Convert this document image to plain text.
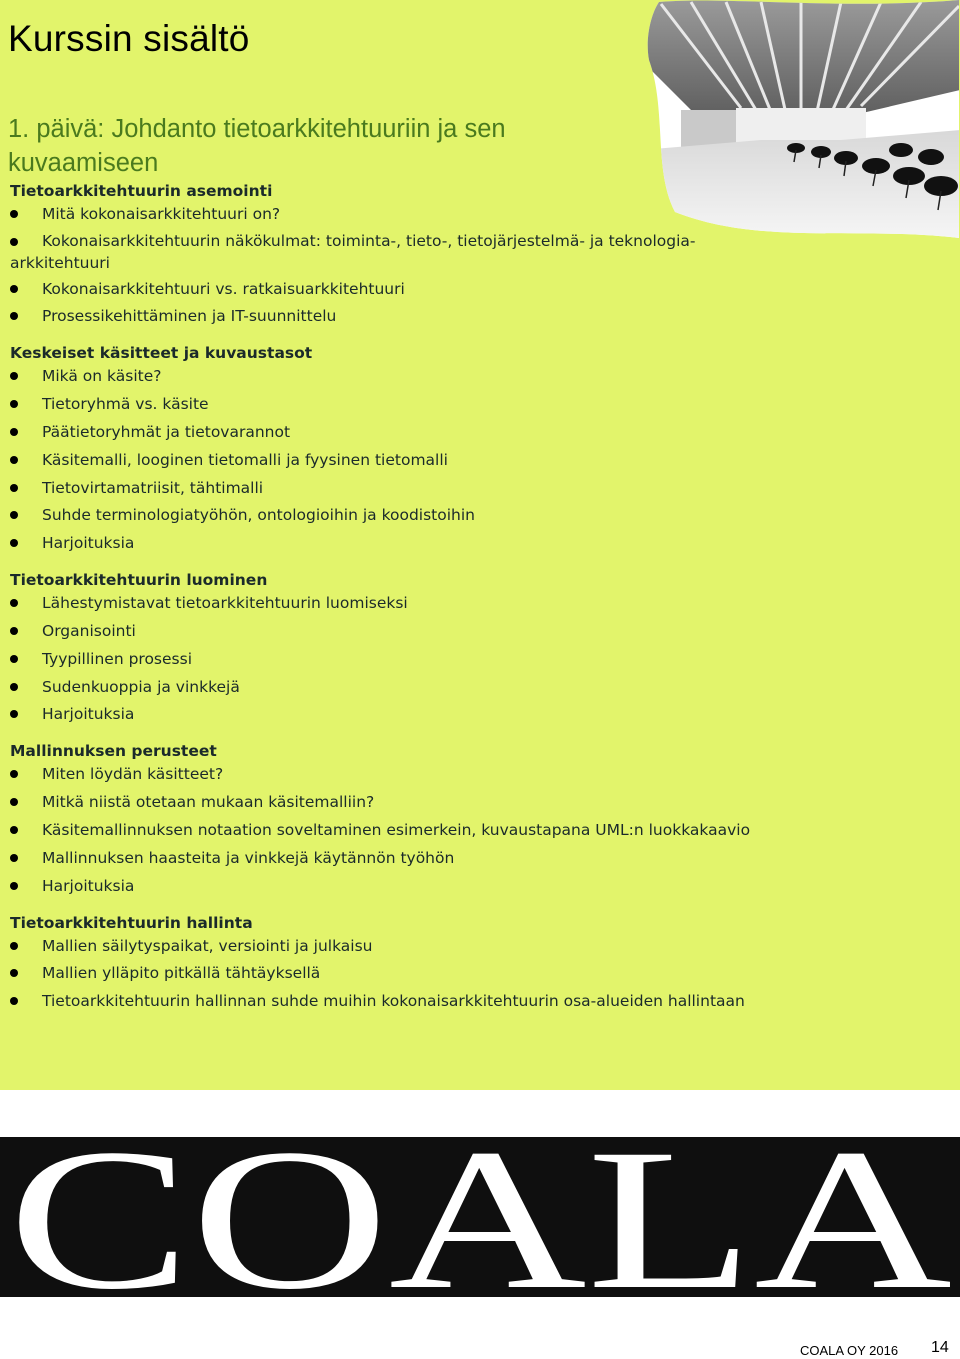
Kurssin sisältö
1. päivä: Johdanto tietoarkkitehtuuriin ja sen kuvaamiseen
Tietoarkkitehtuurin asemointi
Mitä kokonaisarkkitehtuuri on?
Kokonaisarkkitehtuurin näkökulmat: toiminta-, tieto-, tietojärjestelmä- ja teknologia-arkkitehtuuri
Kokonaisarkkitehtuuri vs. ratkaisuarkkitehtuuri
Prosessikehittäminen ja IT-suunnittelu
Keskeiset käsitteet ja kuvaustasot
Mikä on käsite?
Tietoryhmä vs. käsite
Päätietoryhmät ja tietovarannot
Käsitemalli, looginen tietomalli ja fyysinen tietomalli
Tietovirtamatriisit, tähtimalli
Suhde terminologiatyöhön, ontologioihin ja koodistoihin
Harjoituksia
Tietoarkkitehtuurin luominen
Lähestymistavat tietoarkkitehtuurin luomiseksi
Organisointi
Tyypillinen prosessi
Sudenkuoppia ja vinkkejä
Harjoituksia
Mallinnuksen perusteet
Miten löydän käsitteet?
Mitkä niistä otetaan mukaan käsitemalliin?
Käsitemallinnuksen notaation soveltaminen esimerkein, kuvaustapana UML:n luokkakaavio
Mallinnuksen haasteita ja vinkkejä käytännön työhön
Harjoituksia
Tietoarkkitehtuurin hallinta
Mallien säilytyspaikat, versiointi ja julkaisu
Mallien ylläpito pitkällä tähtäyksellä
Tietoarkkitehtuurin hallinnan suhde muihin kokonaisarkkitehtuurin osa-alueiden hallintaan
COALA
COALA OY 2016 14
